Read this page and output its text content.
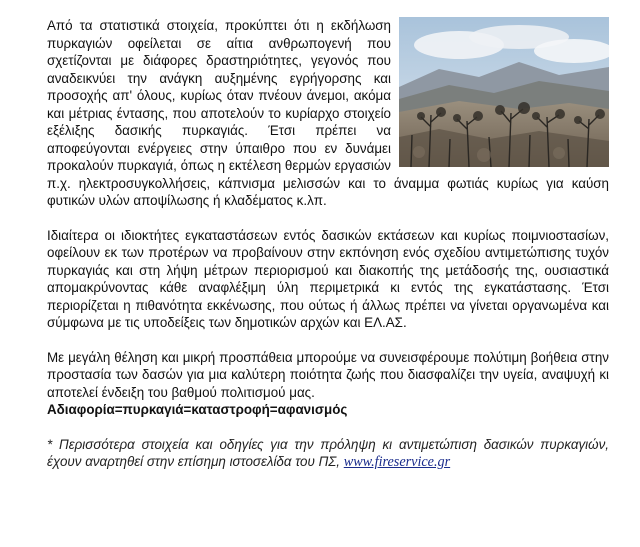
Από τα στατιστικά στοιχεία, προκύπτει ότι η εκδήλωση πυρκαγιών οφείλεται σε αίτια ανθρωπογενή που σχετίζονται με διάφορες δραστηριότητες, γεγονός που αναδεικνύει την ανάγκη αυξημένης εγρήγορσης και προσοχής απ' όλους, κυρίως όταν πνέουν άνεμοι, ακόμα και μέτριας έντασης, που αποτελούν το κυρίαρχο στοιχείο εξέλιξης δασικής πυρκαγιάς. Έτσι πρέπει να αποφεύγονται ενέργειες στην ύπαιθρο που εν δυνάμει προκαλούν πυρκαγιά, όπως η εκτέλεση θερμών εργασιών π.χ. ηλεκτροσυγκολλήσεις, κάπνισμα μελισσών και το άναμμα φωτιάς κυρίως για καύση φυτικών υλών αποψίλωσης ή κλαδέματος κ.λπ.

Ιδιαίτερα οι ιδιοκτήτες εγκαταστάσεων εντός δασικών εκτάσεων και κυρίως ποιμνιοστασίων, οφείλουν εκ των προτέρων να προβαίνουν στην εκπόνηση ενός σχεδίου αντιμετώπισης τυχόν πυρκαγιάς και στη λήψη μέτρων περιορισμού και διακοπής της μετάδοσής της, ουσιαστικά απομακρύνοντας κάθε αναφλέξιμη ύλη περιμετρικά κι εντός της εγκατάστασης. Έτσι περιορίζεται η πιθανότητα εκκένωσης, που ούτως ή άλλως πρέπει να γίνεται οργανωμένα και σύμφωνα με τις υποδείξεις των δημοτικών αρχών και ΕΛ.ΑΣ.

Με μεγάλη θέληση και μικρή προσπάθεια μπορούμε να συνεισφέρουμε πολύτιμη βοήθεια στην προστασία των δασών για μια καλύτερη ποιότητα ζωής που διασφαλίζει την υγεία, αναψυχή κι αποτελεί ένδειξη του βαθμού πολιτισμού μας.

Αδιαφορία=πυρκαγιά=καταστροφή=αφανισμός

* Περισσότερα στοιχεία και οδηγίες για την πρόληψη κι αντιμετώπιση δασικών πυρκαγιών, έχουν αναρτηθεί στην επίσημη ιστοσελίδα του ΠΣ, www.fireservice.gr
